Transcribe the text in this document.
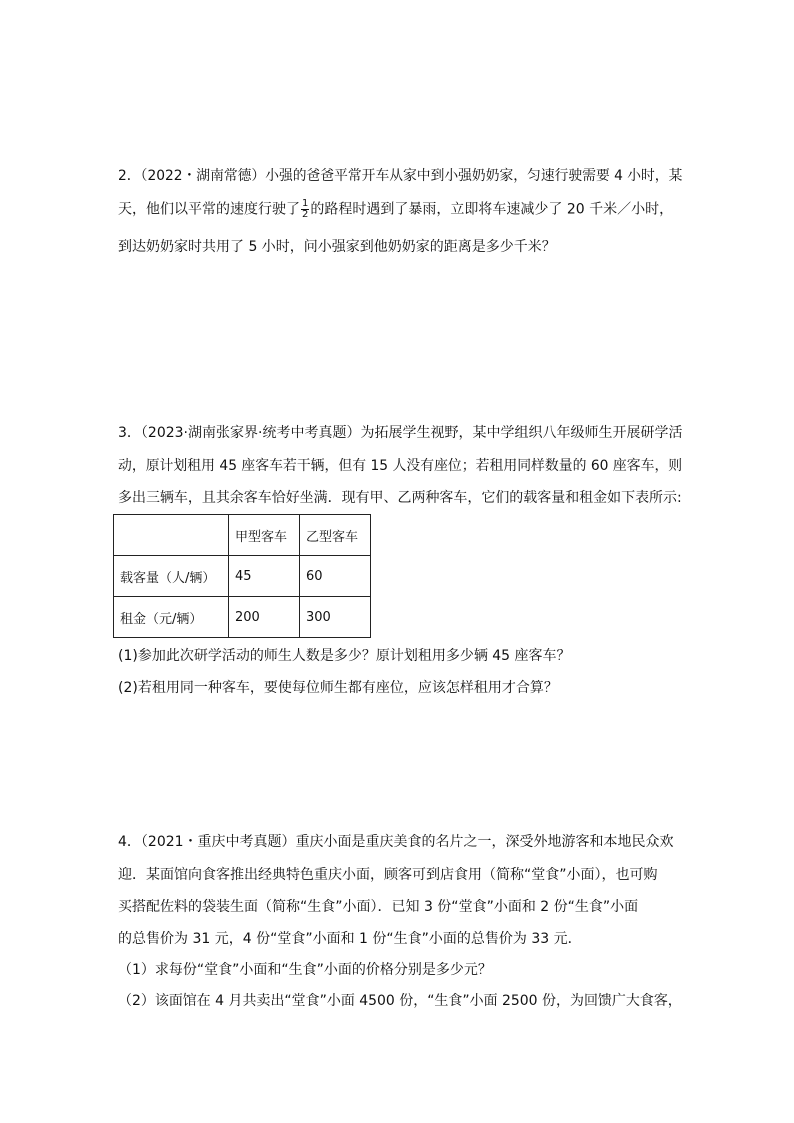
2．（2022・湖南常德）小强的爸爸平常开车从家中到小强奶奶家，匀速行驶需要 4 小时，某
天，他们以平常的速度行驶了 $\frac{1}{2}$ 的路程时遇到了暴雨，立即将车速减少了 20 千米／小时，
到达奶奶家时共用了 5 小时，问小强家到他奶奶家的距离是多少千米？
3．（2023·湖南张家界·统考中考真题）为拓展学生视野，某中学组织八年级师生开展研学活
动，原计划租用 45 座客车若干辆，但有 15 人没有座位；若租用同样数量的 60 座客车，则
多出三辆车，且其余客车恰好坐满．现有甲、乙两种客车，它们的载客量和租金如下表所示:
	甲型客车	乙型客车
载客量（人/辆）	45	60
租金（元/辆）	200	300
(1)参加此次研学活动的师生人数是多少？原计划租用多少辆 45 座客车？
(2)若租用同一种客车，要使每位师生都有座位，应该怎样租用才合算？
4．（2021・重庆中考真题）重庆小面是重庆美食的名片之一，深受外地游客和本地民众欢
迎．某面馆向食客推出经典特色重庆小面，顾客可到店食用（简称“堂食”小面），也可购
买搭配佐料的袋装生面（简称“生食”小面）．已知 3 份“堂食”小面和 2 份“生食”小面
的总售价为 31 元，4 份“堂食”小面和 1 份“生食”小面的总售价为 33 元．
（1）求每份“堂食”小面和“生食”小面的价格分别是多少元？
（2）该面馆在 4 月共卖出“堂食”小面 4500 份，“生食”小面 2500 份，为回馈广大食客，
